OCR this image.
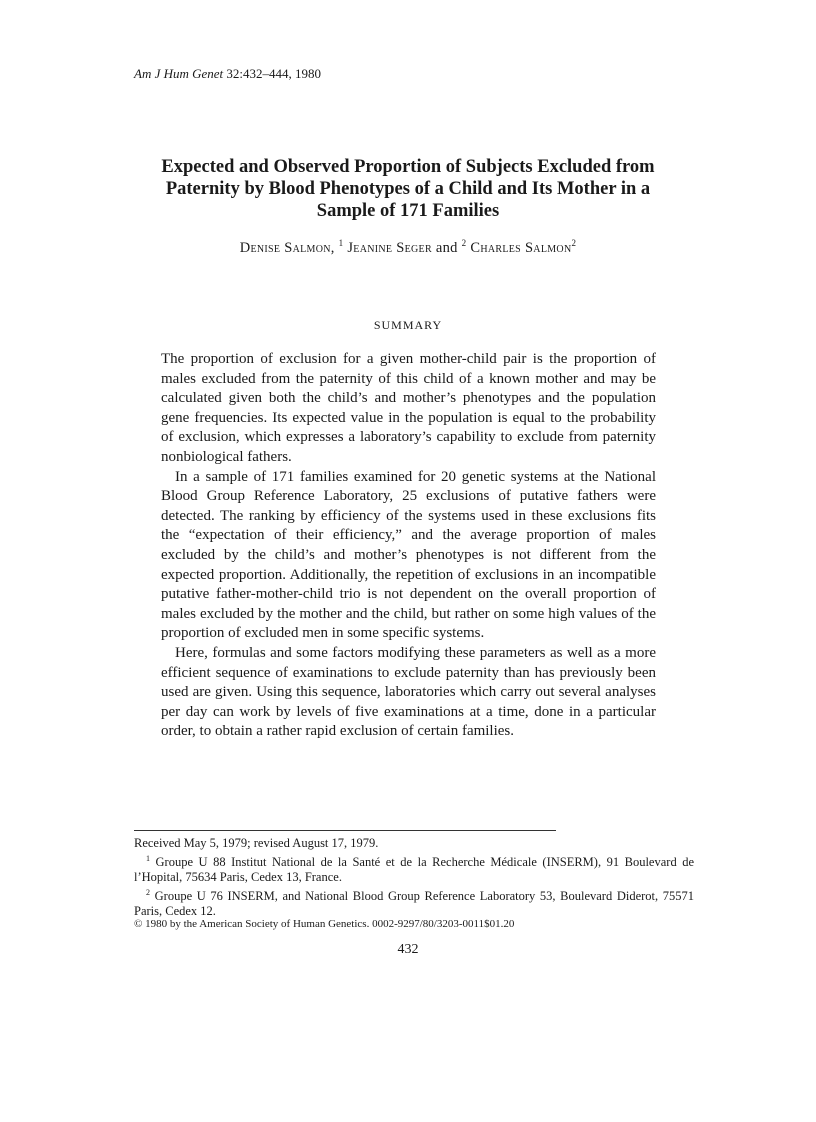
Am J Hum Genet 32:432–444, 1980
Expected and Observed Proportion of Subjects Excluded from
Paternity by Blood Phenotypes of a Child and Its Mother in a
Sample of 171 Families
Denise Salmon, $^1$ Jeanine Seger and $^2$ Charles Salmon$^2$
SUMMARY

The proportion of exclusion for a given mother-child pair is the proportion of males excluded from the paternity of this child of a known mother and may be calculated given both the child’s and mother’s phenotypes and the population gene frequencies. Its expected value in the population is equal to the probability of exclusion, which expresses a laboratory’s capability to exclude from paternity nonbiological fathers.

In a sample of 171 families examined for 20 genetic systems at the National Blood Group Reference Laboratory, 25 exclusions of putative fathers were detected. The ranking by efficiency of the systems used in these exclusions fits the “expectation of their efficiency,” and the average proportion of males excluded by the child’s and mother’s phenotypes is not different from the expected proportion. Additionally, the repetition of exclusions in an incompatible putative father-mother-child trio is not dependent on the overall proportion of males excluded by the mother and the child, but rather on some high values of the proportion of excluded men in some specific systems.

Here, formulas and some factors modifying these parameters as well as a more efficient sequence of examinations to exclude paternity than has previously been used are given. Using this sequence, laboratories which carry out several analyses per day can work by levels of five examinations at a time, done in a particular order, to obtain a rather rapid exclusion of certain families.

Received May 5, 1979; revised August 17, 1979.

$^1$ Groupe U 88 Institut National de la Santé et de la Recherche Médicale (INSERM), 91 Boulevard de l’Hopital, 75634 Paris, Cedex 13, France.

$^2$ Groupe U 76 INSERM, and National Blood Group Reference Laboratory 53, Boulevard Diderot, 75571 Paris, Cedex 12.

© 1980 by the American Society of Human Genetics. 0002-9297/80/3203-0011$01.20
432
